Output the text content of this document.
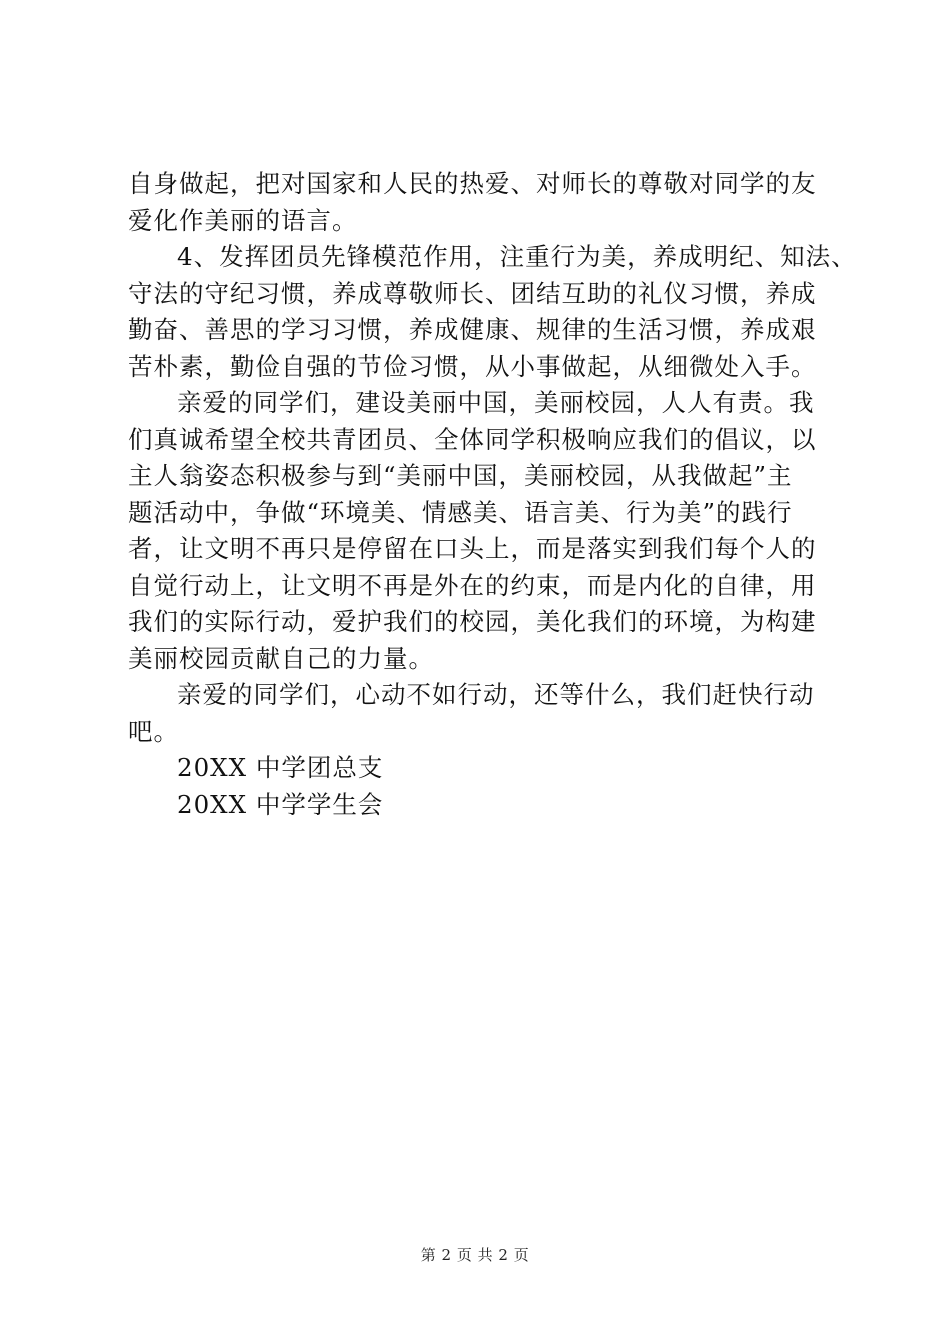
自身做起，把对国家和人民的热爱、对师长的尊敬对同学的友
爱化作美丽的语言。
4、发挥团员先锋模范作用，注重行为美，养成明纪、知法、
守法的守纪习惯，养成尊敬师长、团结互助的礼仪习惯，养成
勤奋、善思的学习习惯，养成健康、规律的生活习惯，养成艰
苦朴素，勤俭自强的节俭习惯，从小事做起，从细微处入手。
亲爱的同学们，建设美丽中国，美丽校园，人人有责。我
们真诚希望全校共青团员、全体同学积极响应我们的倡议，以
主人翁姿态积极参与到“美丽中国，美丽校园，从我做起”主
题活动中，争做“环境美、情感美、语言美、行为美”的践行
者，让文明不再只是停留在口头上，而是落实到我们每个人的
自觉行动上，让文明不再是外在的约束，而是内化的自律，用
我们的实际行动，爱护我们的校园，美化我们的环境，为构建
美丽校园贡献自己的力量。
亲爱的同学们，心动不如行动，还等什么，我们赶快行动
吧。
20XX 中学团总支
20XX 中学学生会
第 2 页 共 2 页
